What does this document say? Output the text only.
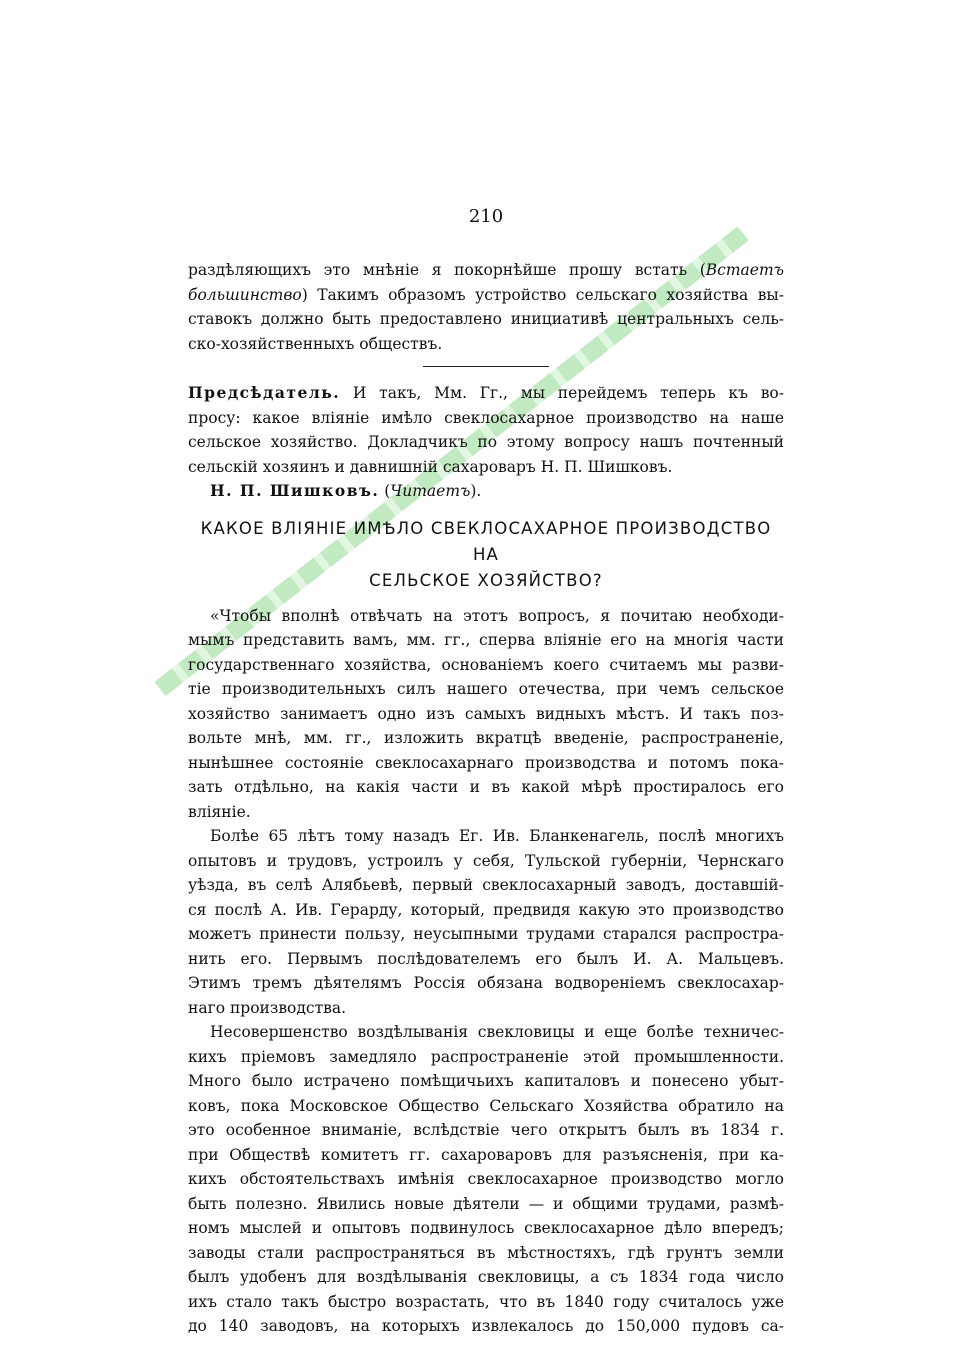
210
раздѣляющихъ это мнѣніе я покорнѣйше прошу встать (Встаетъ
большинство) Такимъ образомъ устройство сельскаго хозяйства вы-
ставокъ должно быть предоставлено инициативѣ центральныхъ сель-
ско-хозяйственныхъ обществъ.
Предсѣдатель. И такъ, Мм. Гг., мы перейдемъ теперь къ во-
просу: какое вліяніе имѣло свеклосахарное производство на наше
сельское хозяйство. Докладчикъ по этому вопросу нашъ почтенный
сельскій хозяинъ и давнишній сахароваръ Н. П. Шишковъ.
Н. П. Шишковъ. (Читаетъ).
КАКОЕ ВЛІЯНІЕ ИМѢЛО СВЕКЛОСАХАРНОЕ ПРОИЗВОДСТВО НА
СЕЛЬСКОЕ ХОЗЯЙСТВО?
«Чтобы вполнѣ отвѣчать на этотъ вопросъ, я почитаю необходи-
мымъ представить вамъ, мм. гг., сперва вліяніе его на многія части
государственнаго хозяйства, основаніемъ коего считаемъ мы разви-
тіе производительныхъ силъ нашего отечества, при чемъ сельское
хозяйство занимаетъ одно изъ самыхъ видныхъ мѣстъ. И такъ поз-
вольте мнѣ, мм. гг., изложить вкратцѣ введеніе, распространеніе,
нынѣшнее состояніе свеклосахарнаго производства и потомъ пока-
зать отдѣльно, на какія части и въ какой мѣрѣ простиралось его
вліяніе.
Болѣе 65 лѣтъ тому назадъ Ег. Ив. Бланкенагель, послѣ многихъ
опытовъ и трудовъ, устроилъ у себя, Тульской губерніи, Чернскаго
уѣзда, въ селѣ Алябьевѣ, первый свеклосахарный заводъ, доставшій-
ся послѣ А. Ив. Герарду, который, предвидя какую это производство
можетъ принести пользу, неусыпными трудами старался распростра-
нить его. Первымъ послѣдователемъ его былъ И. А. Мальцевъ.
Этимъ тремъ дѣятелямъ Россія обязана водвореніемъ свеклосахар-
наго производства.
Несовершенство воздѣлыванія свекловицы и еще болѣе техничес-
кихъ пріемовъ замедляло распространеніе этой промышленности.
Много было истрачено помѣщичьихъ капиталовъ и понесено убыт-
ковъ, пока Московское Общество Сельскаго Хозяйства обратило на
это особенное вниманіе, вслѣдствіе чего открытъ былъ въ 1834 г.
при Обществѣ комитетъ гг. сахароваровъ для разъясненія, при ка-
кихъ обстоятельствахъ имѣнія свеклосахарное производство могло
быть полезно. Явились новые дѣятели — и общими трудами, размѣ-
номъ мыслей и опытовъ подвинулось свеклосахарное дѣло впередъ;
заводы стали распространяться въ мѣстностяхъ, гдѣ грунтъ земли
былъ удобенъ для воздѣлыванія свекловицы, а съ 1834 года число
ихъ стало такъ быстро возрастать, что въ 1840 году считалось уже
до 140 заводовъ, на которыхъ извлекалось до 150,000 пудовъ са-
